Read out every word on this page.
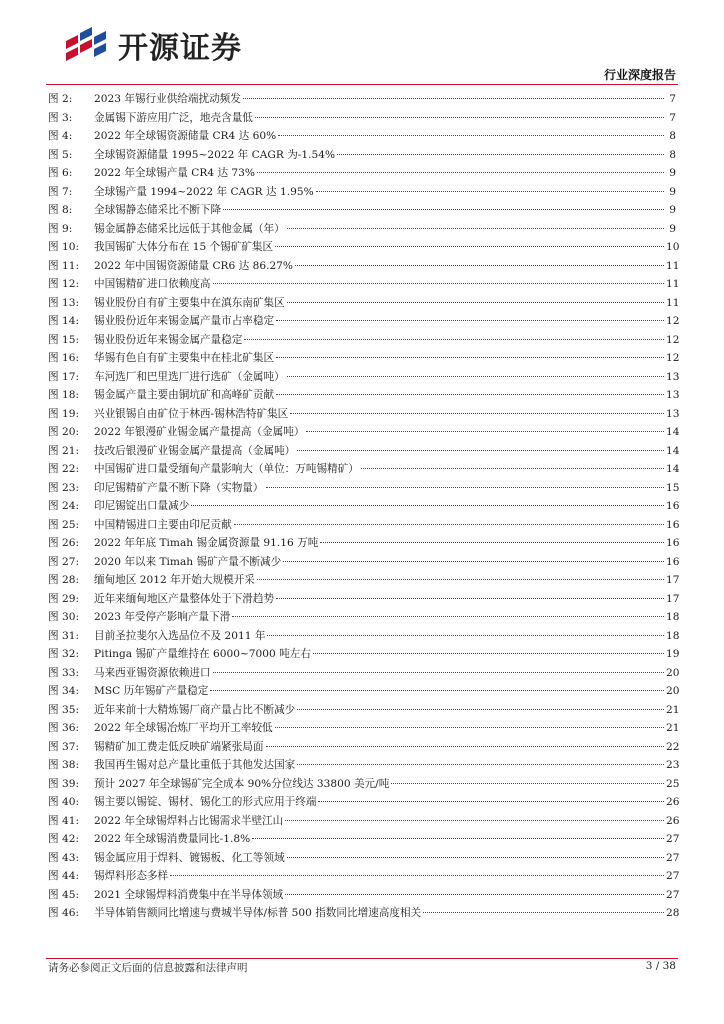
开源证券
行业深度报告
图 2:	2023 年锡行业供给端扰动频发	7
图 3:	金属锡下游应用广泛，地壳含量低	7
图 4:	2022 年全球锡资源储量 CR4 达 60%	8
图 5:	全球锡资源储量 1995~2022 年 CAGR 为-1.54%	8
图 6:	2022 年全球锡产量 CR4 达 73%	9
图 7:	全球锡产量 1994~2022 年 CAGR 达 1.95%	9
图 8:	全球锡静态储采比不断下降	9
图 9:	锡金属静态储采比远低于其他金属（年）	9
图 10:	我国锡矿大体分布在 15 个锡矿矿集区	10
图 11:	2022 年中国锡资源储量 CR6 达 86.27%	11
图 12:	中国锡精矿进口依赖度高	11
图 13:	锡业股份自有矿主要集中在滇东南矿集区	11
图 14:	锡业股份近年来锡金属产量市占率稳定	12
图 15:	锡业股份近年来锡金属产量稳定	12
图 16:	华锡有色自有矿主要集中在桂北矿集区	12
图 17:	车河选厂和巴里选厂进行选矿（金属吨）	13
图 18:	锡金属产量主要由铜坑矿和高峰矿贡献	13
图 19:	兴业银锡自由矿位于林西-锡林浩特矿集区	13
图 20:	2022 年银漫矿业锡金属产量提高（金属吨）	14
图 21:	技改后银漫矿业锡金属产量提高（金属吨）	14
图 22:	中国锡矿进口量受缅甸产量影响大（单位：万吨锡精矿）	14
图 23:	印尼锡精矿产量不断下降（实物量）	15
图 24:	印尼锡锭出口量减少	16
图 25:	中国精锡进口主要由印尼贡献	16
图 26:	2022 年年底 Timah 锡金属资源量 91.16 万吨	16
图 27:	2020 年以来 Timah 锡矿产量不断减少	16
图 28:	缅甸地区 2012 年开始大规模开采	17
图 29:	近年来缅甸地区产量整体处于下滑趋势	17
图 30:	2023 年受停产影响产量下滑	18
图 31:	目前圣拉斐尔入选品位不及 2011 年	18
图 32:	Pitinga 锡矿产量维持在 6000~7000 吨左右	19
图 33:	马来西亚锡资源依赖进口	20
图 34:	MSC 历年锡矿产量稳定	20
图 35:	近年来前十大精炼锡厂商产量占比不断减少	21
图 36:	2022 年全球锡冶炼厂平均开工率较低	21
图 37:	锡精矿加工费走低反映矿端紧张局面	22
图 38:	我国再生锡对总产量比重低于其他发达国家	23
图 39:	预计 2027 年全球锡矿完全成本 90%分位线达 33800 美元/吨	25
图 40:	锡主要以锡锭、锡材、锡化工的形式应用于终端	26
图 41:	2022 年全球锡焊料占比锡需求半壁江山	26
图 42:	2022 年全球锡消费量同比-1.8%	27
图 43:	锡金属应用于焊料、镀锡板、化工等领域	27
图 44:	锡焊料形态多样	27
图 45:	2021 全球锡焊料消费集中在半导体领域	27
图 46:	半导体销售额同比增速与费城半导体/标普 500 指数同比增速高度相关	28
请务必参阅正文后面的信息披露和法律声明	3 / 38
